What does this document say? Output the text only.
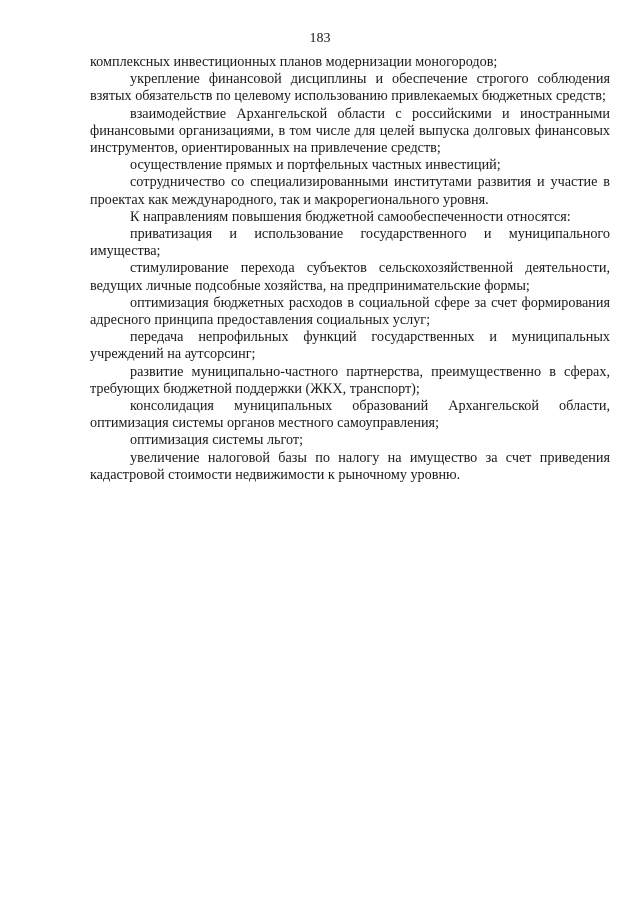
183

комплексных инвестиционных планов модернизации моногородов;

укрепление финансовой дисциплины и обеспечение строгого соблюдения взятых обязательств по целевому использованию привлекаемых бюджетных средств;

взаимодействие Архангельской области с российскими и иностранными финансовыми организациями, в том числе для целей выпуска долговых финансовых инструментов, ориентированных на привлечение средств;

осуществление прямых и портфельных частных инвестиций;

сотрудничество со специализированными институтами развития и участие в проектах как международного, так и макрорегионального уровня.

К направлениям повышения бюджетной самообеспеченности относятся:

приватизация и использование государственного и муниципального имущества;

стимулирование перехода субъектов сельскохозяйственной деятельности, ведущих личные подсобные хозяйства, на предпринимательские формы;

оптимизация бюджетных расходов в социальной сфере за счет формирования адресного принципа предоставления социальных услуг;

передача непрофильных функций государственных и муниципальных учреждений на аутсорсинг;

развитие муниципально-частного партнерства, преимущественно в сферах, требующих бюджетной поддержки (ЖКХ, транспорт);

консолидация муниципальных образований Архангельской области, оптимизация системы органов местного самоуправления;

оптимизация системы льгот;

увеличение налоговой базы по налогу на имущество за счет приведения кадастровой стоимости недвижимости к рыночному уровню.
